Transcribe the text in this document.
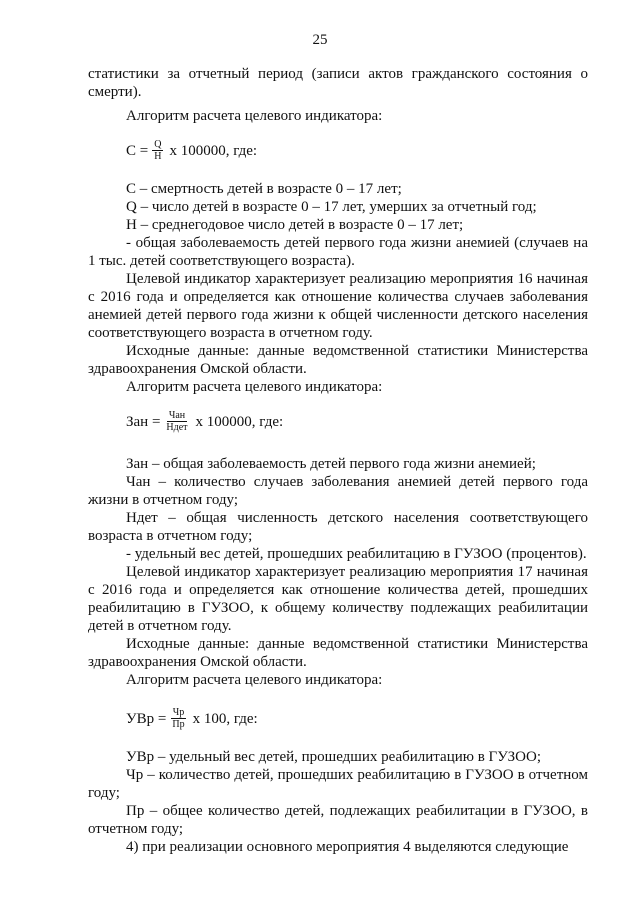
25

статистики за отчетный период (записи актов гражданского состояния о смерти).

Алгоритм расчета целевого индикатора:

$С = \frac{Q}{Н}$ х 100000, где:

С – смертность детей в возрасте 0 – 17 лет;

Q – число детей в возрасте 0 – 17 лет, умерших за отчетный год;

Н – среднегодовое число детей в возрасте 0 – 17 лет;

- общая заболеваемость детей первого года жизни анемией (случаев на 1 тыс. детей соответствующего возраста).

Целевой индикатор характеризует реализацию мероприятия 16 начиная с 2016 года и определяется как отношение количества случаев заболевания анемией детей первого года жизни к общей численности детского населения соответствующего возраста в отчетном году.

Исходные данные: данные ведомственной статистики Министерства здравоохранения Омской области.

Алгоритм расчета целевого индикатора:

Зан = $\frac{\text{Чан}}{\text{Ндет}}$ х 100000, где:

Зан – общая заболеваемость детей первого года жизни анемией;

Чан – количество случаев заболевания анемией детей первого года жизни в отчетном году;

Ндет – общая численность детского населения соответствующего возраста в отчетном году;

- удельный вес детей, прошедших реабилитацию в ГУЗОО (процентов).

Целевой индикатор характеризует реализацию мероприятия 17 начиная с 2016 года и определяется как отношение количества детей, прошедших реабилитацию в ГУЗОО, к общему количеству подлежащих реабилитации детей в отчетном году.

Исходные данные: данные ведомственной статистики Министерства здравоохранения Омской области.

Алгоритм расчета целевого индикатора:

УВр = $\frac{Чр}{Пр}$ х 100, где:

УВр – удельный вес детей, прошедших реабилитацию в ГУЗОО;

Чр – количество детей, прошедших реабилитацию в ГУЗОО в отчетном году;

Пр – общее количество детей, подлежащих реабилитации в ГУЗОО, в отчетном году;

4) при реализации основного мероприятия 4 выделяются следующие
